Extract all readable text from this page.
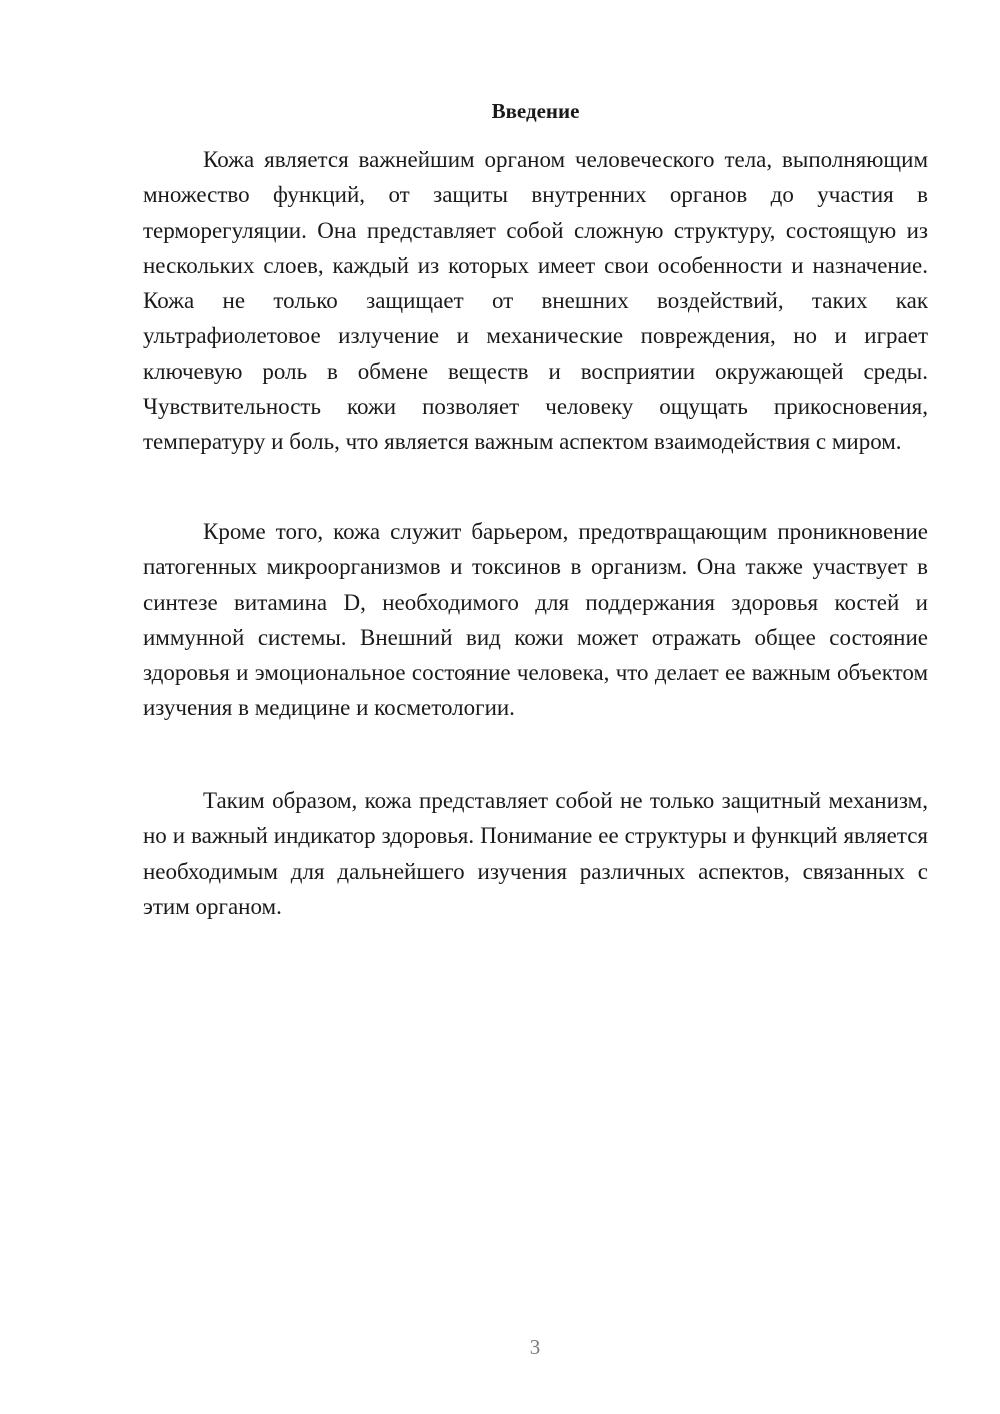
Введение

Кожа является важнейшим органом человеческого тела, выполняющим множество функций, от защиты внутренних органов до участия в терморегуляции. Она представляет собой сложную структуру, состоящую из нескольких слоев, каждый из которых имеет свои особенности и назначение. Кожа не только защищает от внешних воздействий, таких как ультрафиолетовое излучение и механические повреждения, но и играет ключевую роль в обмене веществ и восприятии окружающей среды. Чувствительность кожи позволяет человеку ощущать прикосновения, температуру и боль, что является важным аспектом взаимодействия с миром.

Кроме того, кожа служит барьером, предотвращающим проникновение патогенных микроорганизмов и токсинов в организм. Она также участвует в синтезе витамина D, необходимого для поддержания здоровья костей и иммунной системы. Внешний вид кожи может отражать общее состояние здоровья и эмоциональное состояние человека, что делает ее важным объектом изучения в медицине и косметологии.

Таким образом, кожа представляет собой не только защитный механизм, но и важный индикатор здоровья. Понимание ее структуры и функций является необходимым для дальнейшего изучения различных аспектов, связанных с этим органом.

3
